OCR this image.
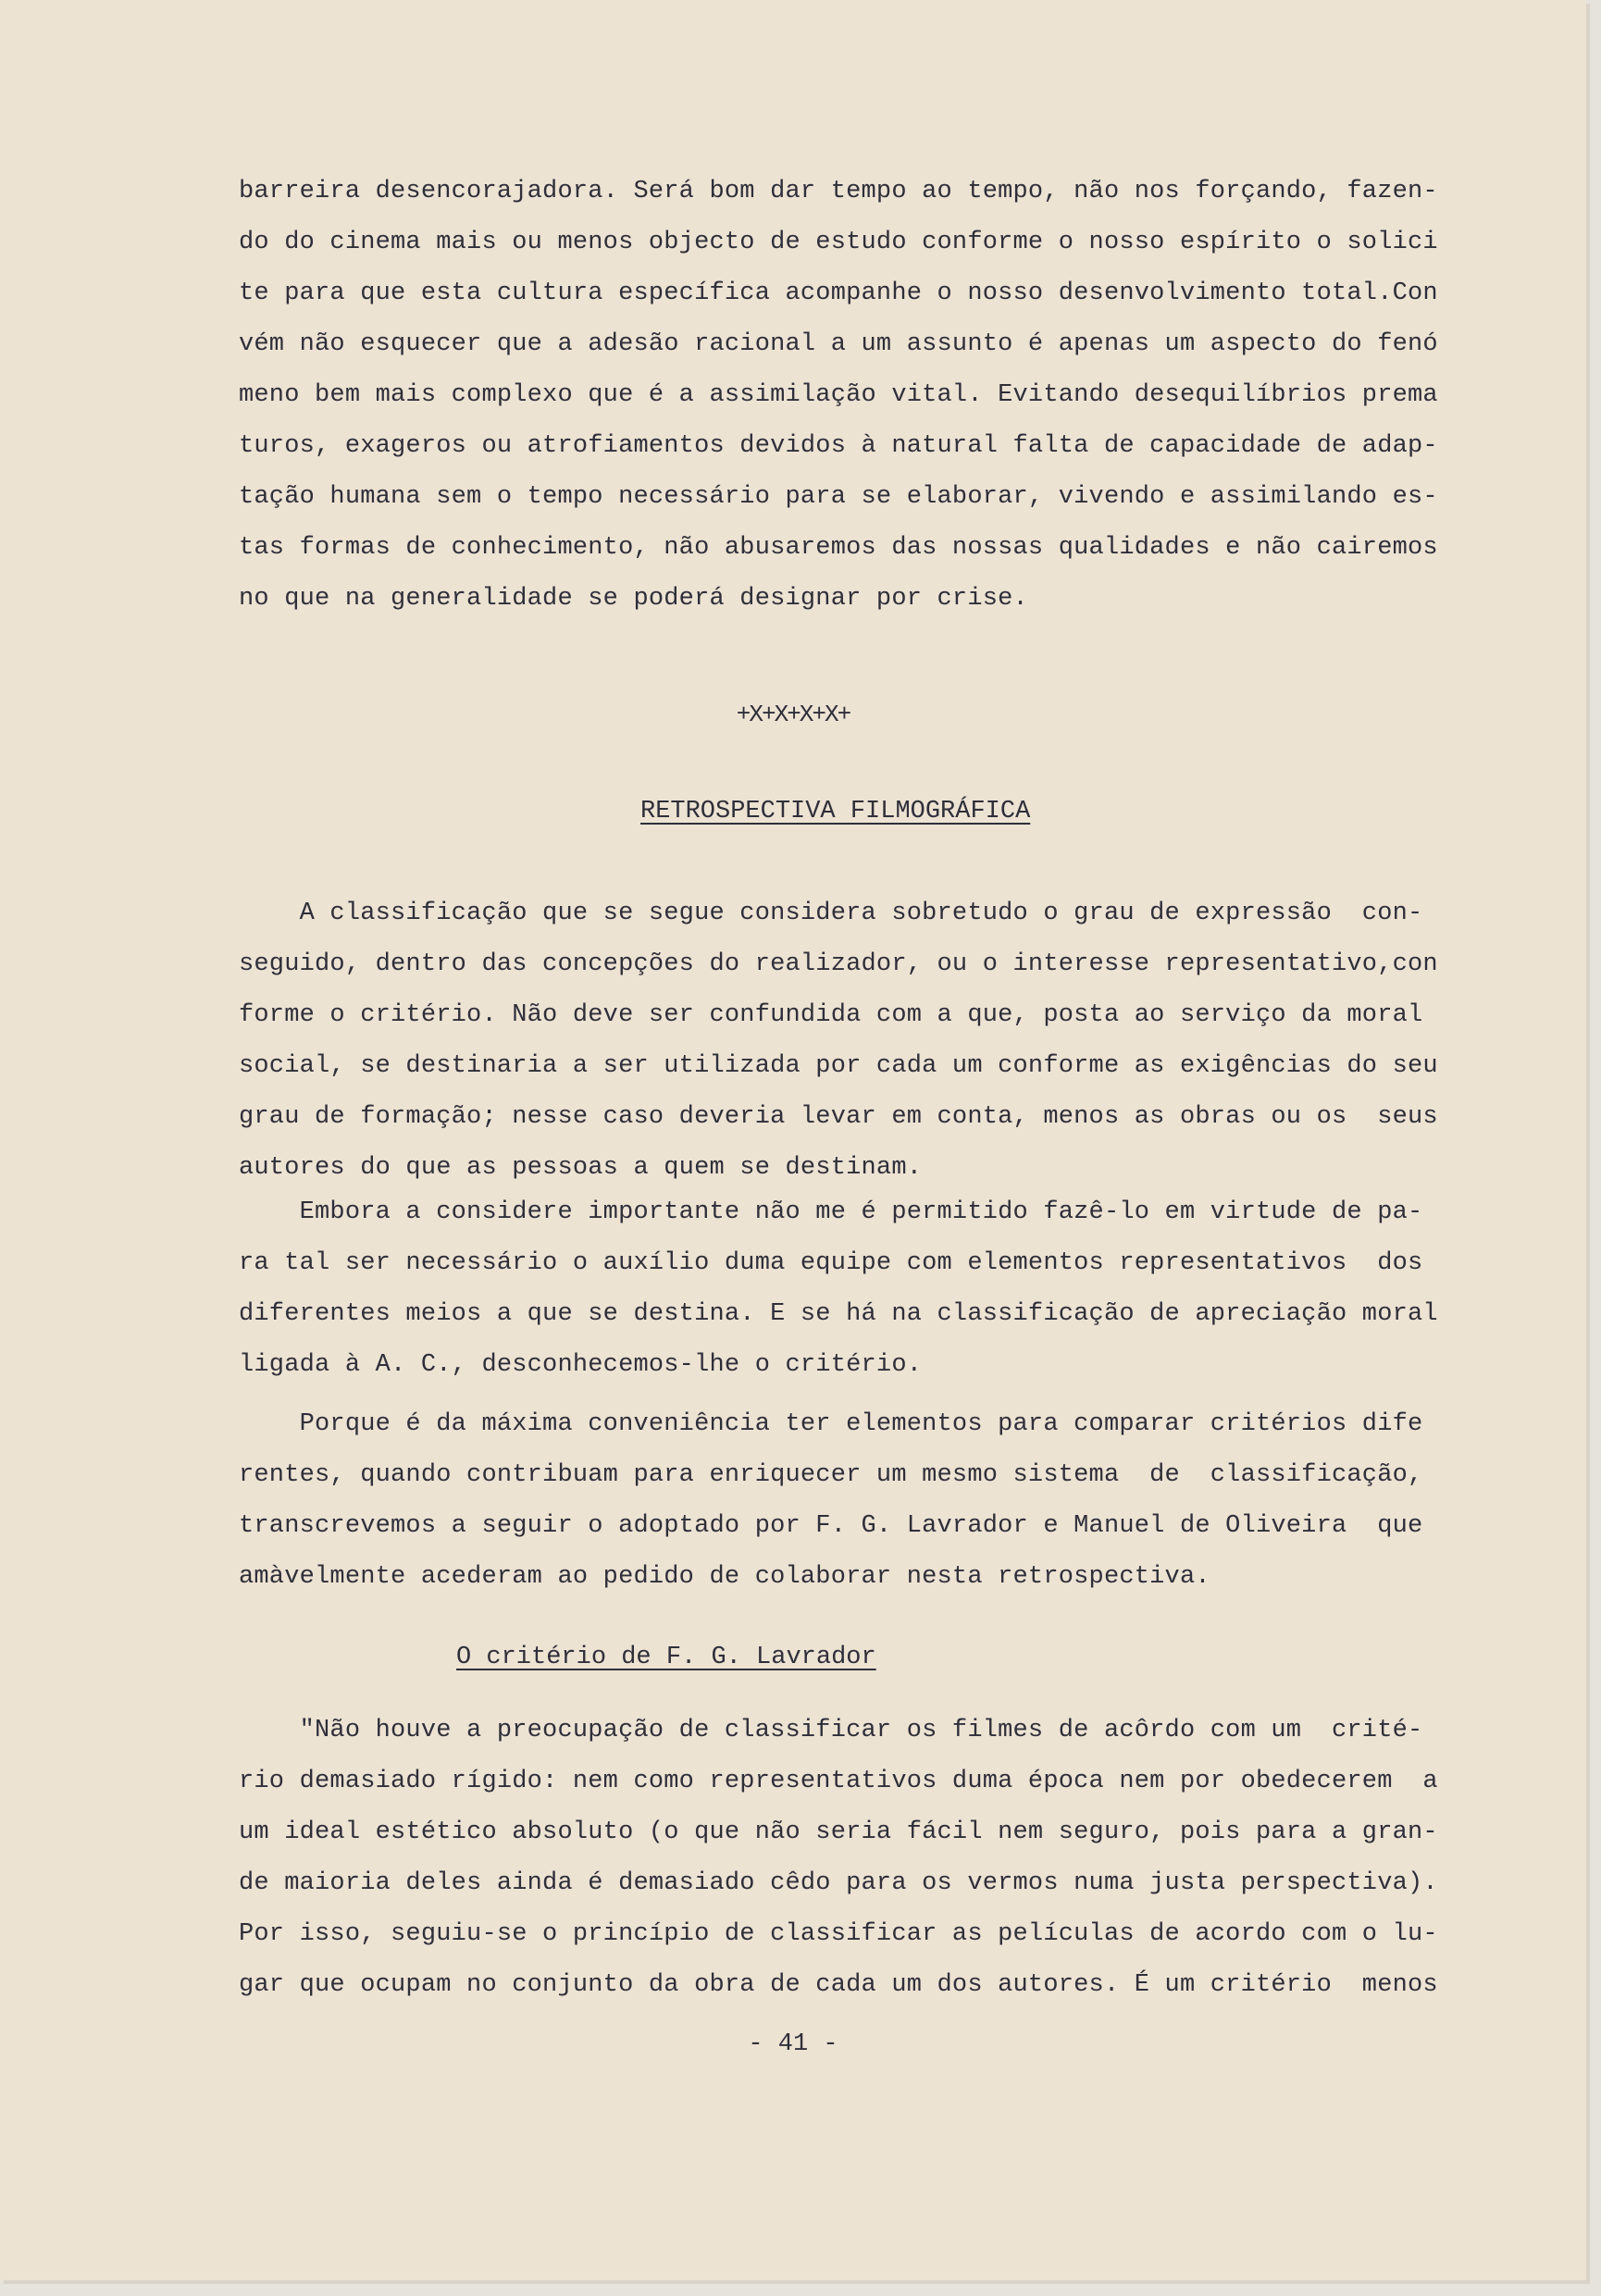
barreira desencorajadora. Será bom dar tempo ao tempo, não nos forçando, fazen-
do do cinema mais ou menos objecto de estudo conforme o nosso espírito o solici
te para que esta cultura específica acompanhe o nosso desenvolvimento total.Con
vém não esquecer que a adesão racional a um assunto é apenas um aspecto do fenó
meno bem mais complexo que é a assimilação vital. Evitando desequilíbrios prema
turos, exageros ou atrofiamentos devidos à natural falta de capacidade de adap-
tação humana sem o tempo necessário para se elaborar, vivendo e assimilando es-
tas formas de conhecimento, não abusaremos das nossas qualidades e não cairemos
no que na generalidade se poderá designar por crise.
+X+X+X+X+
RETROSPECTIVA FILMOGRÁFICA
A classificação que se segue considera sobretudo o grau de expressão  con-
seguido, dentro das concepções do realizador, ou o interesse representativo,con
forme o critério. Não deve ser confundida com a que, posta ao serviço da moral
social, se destinaria a ser utilizada por cada um conforme as exigências do seu
grau de formação; nesse caso deveria levar em conta, menos as obras ou os  seus
autores do que as pessoas a quem se destinam.
Embora a considere importante não me é permitido fazê-lo em virtude de pa-
ra tal ser necessário o auxílio duma equipe com elementos representativos  dos
diferentes meios a que se destina. E se há na classificação de apreciação moral
ligada à A. C., desconhecemos-lhe o critério.
Porque é da máxima conveniência ter elementos para comparar critérios dife
rentes, quando contribuam para enriquecer um mesmo sistema  de  classificação,
transcrevemos a seguir o adoptado por F. G. Lavrador e Manuel de Oliveira  que
amàvelmente acederam ao pedido de colaborar nesta retrospectiva.
O critério de F. G. Lavrador
"Não houve a preocupação de classificar os filmes de acôrdo com um  crité-
rio demasiado rígido: nem como representativos duma época nem por obedecerem  a
um ideal estético absoluto (o que não seria fácil nem seguro, pois para a gran-
de maioria deles ainda é demasiado cêdo para os vermos numa justa perspectiva).
Por isso, seguiu-se o princípio de classificar as películas de acordo com o lu-
gar que ocupam no conjunto da obra de cada um dos autores. É um critério  menos
- 41 -
